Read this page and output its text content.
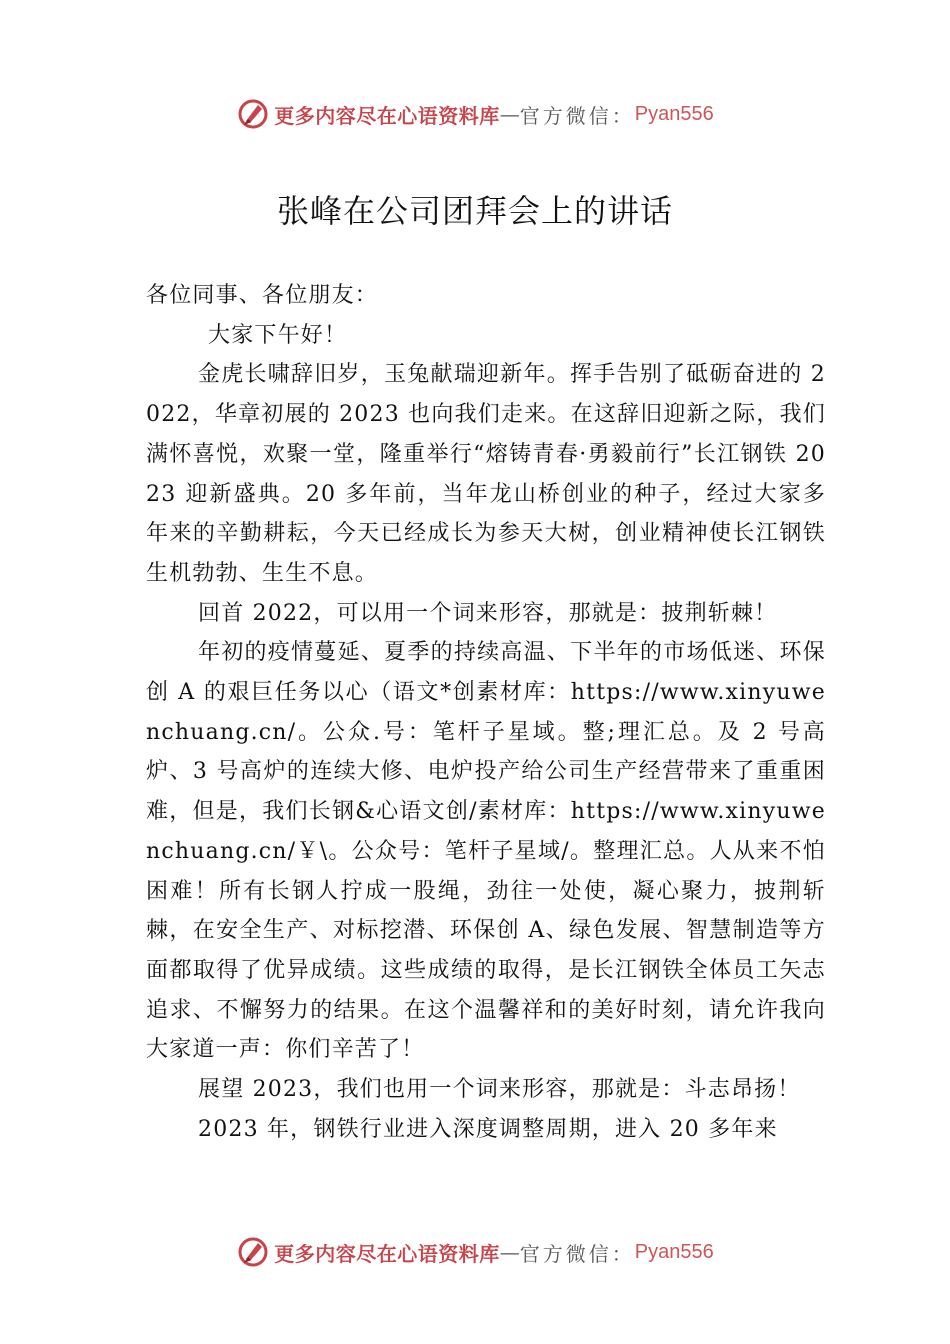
更多内容尽在心语资料库 — 官方微信： Pyan556
张峰在公司团拜会上的讲话

各位同事、各位朋友：

大家下午好！

金虎长啸辞旧岁，玉兔献瑞迎新年。挥手告别了砥砺奋进的 2022，华章初展的 2023 也向我们走来。在这辞旧迎新之际，我们满怀喜悦，欢聚一堂，隆重举行“熔铸青春·勇毅前行”长江钢铁 2023 迎新盛典。20 多年前，当年龙山桥创业的种子，经过大家多年来的辛勤耕耘，今天已经成长为参天大树，创业精神使长江钢铁生机勃勃、生生不息。

回首 2022，可以用一个词来形容，那就是：披荆斩棘！

年初的疫情蔓延、夏季的持续高温、下半年的市场低迷、环保创 A 的艰巨任务以心（语文*创素材库：https://www.xinyuwenchuang.cn/。公众.号：笔杆子星域。整;理汇总。及 2 号高炉、3 号高炉的连续大修、电炉投产给公司生产经营带来了重重困难，但是，我们长钢&心语文创/素材库：https://www.xinyuwenchuang.cn/￥\。公众号：笔杆子星域/。整理汇总。人从来不怕困难！所有长钢人拧成一股绳，劲往一处使，凝心聚力，披荆斩棘，在安全生产、对标挖潜、环保创 A、绿色发展、智慧制造等方面都取得了优异成绩。这些成绩的取得，是长江钢铁全体员工矢志追求、不懈努力的结果。在这个温馨祥和的美好时刻，请允许我向大家道一声：你们辛苦了！

展望 2023，我们也用一个词来形容，那就是：斗志昂扬！

2023 年，钢铁行业进入深度调整周期，进入 20 多年来

更多内容尽在心语资料库 — 官方微信： Pyan556
